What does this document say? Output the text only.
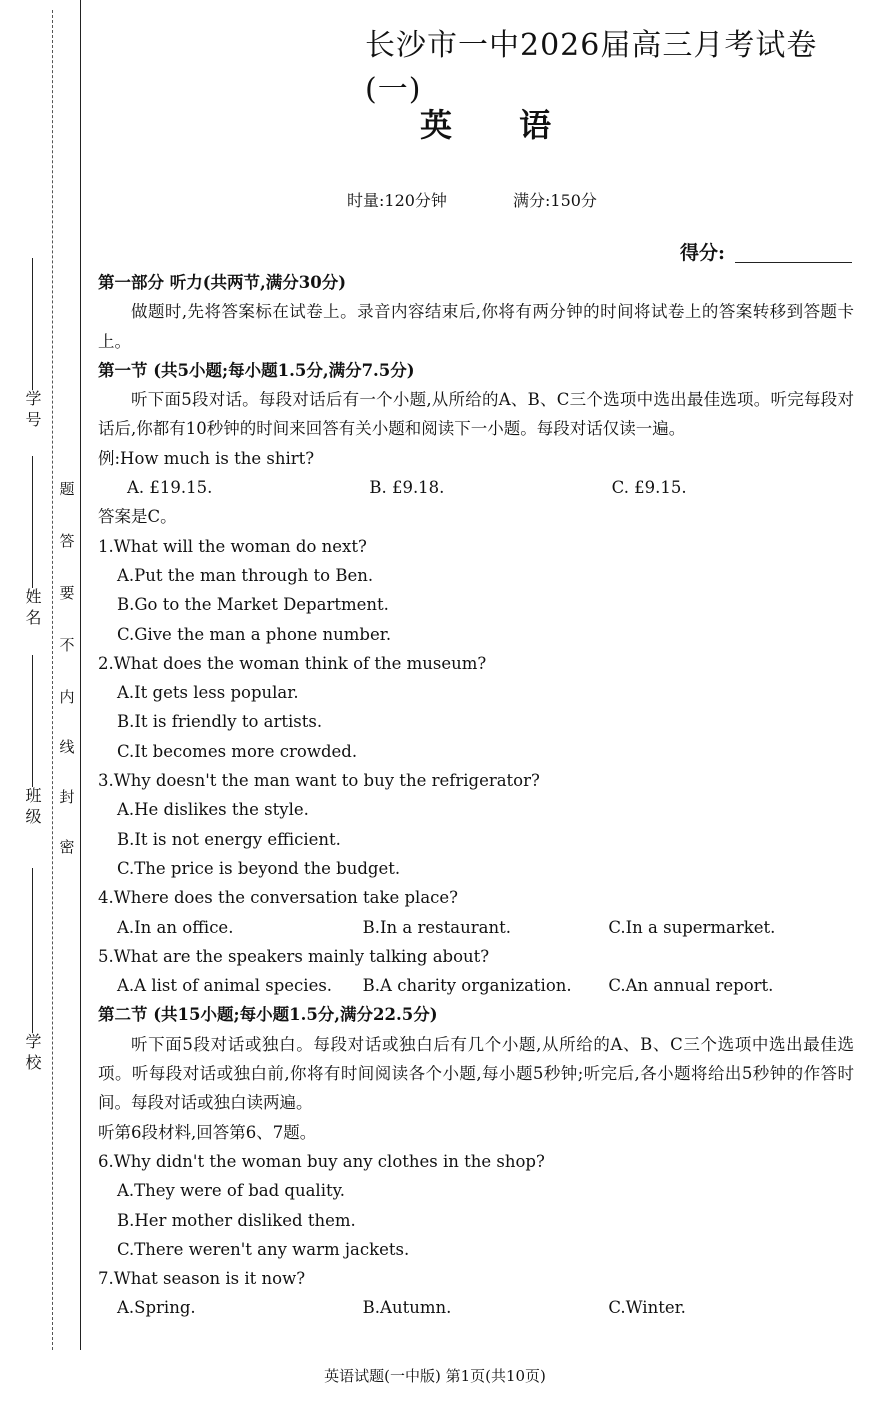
学 号
姓 名
班 级
学 校
密
封
线
内
不
要
答
题
长沙市一中2026届高三月考试卷(一)
英 语
时量:120分钟	满分:150分
得分:
第一部分 听力(共两节,满分30分)
做题时,先将答案标在试卷上。录音内容结束后,你将有两分钟的时间将试卷上的答案转移到答题卡上。
第一节 (共5小题;每小题1.5分,满分7.5分)
听下面5段对话。每段对话后有一个小题,从所给的A、B、C三个选项中选出最佳选项。听完每段对话后,你都有10秒钟的时间来回答有关小题和阅读下一小题。每段对话仅读一遍。
例:How much is the shirt?
A. £19.15.	B. £9.18.	C. £9.15.
答案是C。
1.What will the woman do next?
A.Put the man through to Ben.
B.Go to the Market Department.
C.Give the man a phone number.
2.What does the woman think of the museum?
A.It gets less popular.
B.It is friendly to artists.
C.It becomes more crowded.
3.Why doesn't the man want to buy the refrigerator?
A.He dislikes the style.
B.It is not energy efficient.
C.The price is beyond the budget.
4.Where does the conversation take place?
A.In an office.	B.In a restaurant.	C.In a supermarket.
5.What are the speakers mainly talking about?
A.A list of animal species.	B.A charity organization.	C.An annual report.
第二节 (共15小题;每小题1.5分,满分22.5分)
听下面5段对话或独白。每段对话或独白后有几个小题,从所给的A、B、C三个选项中选出最佳选项。听每段对话或独白前,你将有时间阅读各个小题,每小题5秒钟;听完后,各小题将给出5秒钟的作答时间。每段对话或独白读两遍。
听第6段材料,回答第6、7题。
6.Why didn't the woman buy any clothes in the shop?
A.They were of bad quality.
B.Her mother disliked them.
C.There weren't any warm jackets.
7.What season is it now?
A.Spring.	B.Autumn.	C.Winter.
英语试题(一中版) 第1页(共10页)
